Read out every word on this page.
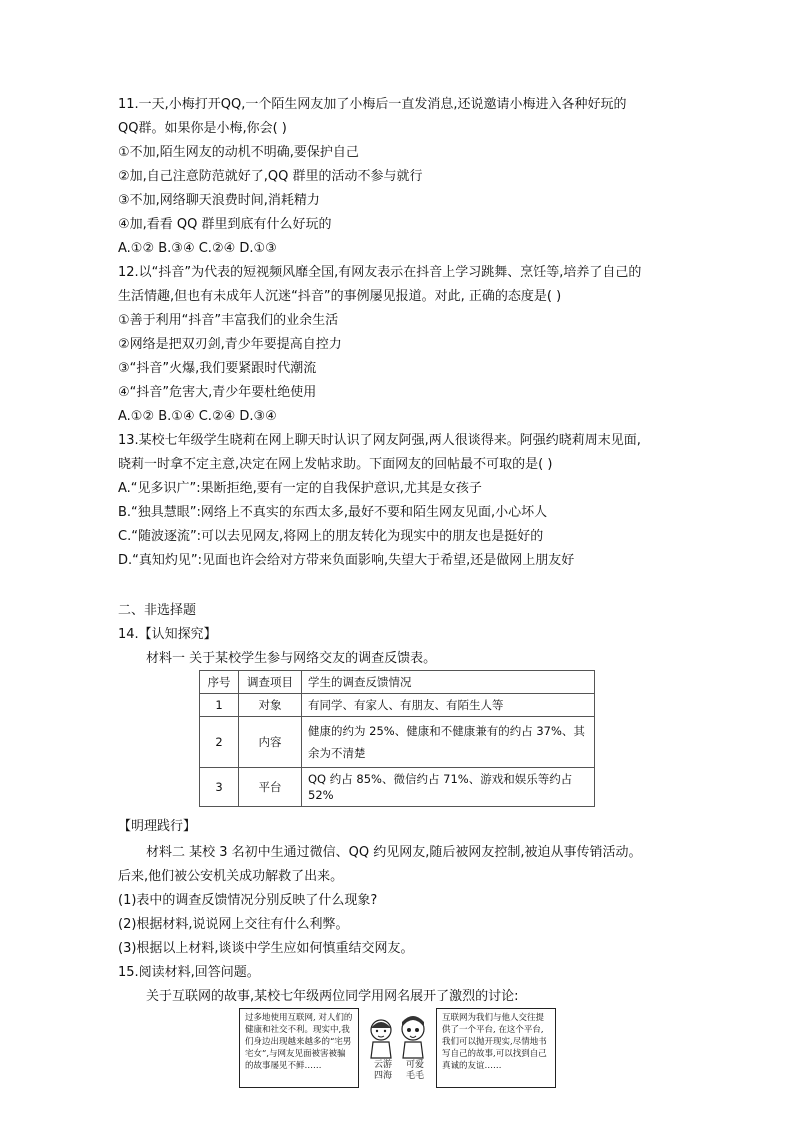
11.一天,小梅打开QQ,一个陌生网友加了小梅后一直发消息,还说邀请小梅进入各种好玩的
QQ群。如果你是小梅,你会( )
①不加,陌生网友的动机不明确,要保护自己
②加,自己注意防范就好了,QQ 群里的活动不参与就行
③不加,网络聊天浪费时间,消耗精力
④加,看看 QQ 群里到底有什么好玩的
A.①② B.③④ C.②④ D.①③
12.以“抖音”为代表的短视频风靡全国,有网友表示在抖音上学习跳舞、烹饪等,培养了自己的
生活情趣,但也有未成年人沉迷“抖音”的事例屡见报道。对此, 正确的态度是( )
①善于利用“抖音”丰富我们的业余生活
②网络是把双刃剑,青少年要提高自控力
③“抖音”火爆,我们要紧跟时代潮流
④“抖音”危害大,青少年要杜绝使用
A.①② B.①④ C.②④ D.③④
13.某校七年级学生晓莉在网上聊天时认识了网友阿强,两人很谈得来。阿强约晓莉周末见面,
晓莉一时拿不定主意,决定在网上发帖求助。下面网友的回帖最不可取的是( )
A.“见多识广”:果断拒绝,要有一定的自我保护意识,尤其是女孩子
B.“独具慧眼”:网络上不真实的东西太多,最好不要和陌生网友见面,小心坏人
C.“随波逐流”:可以去见网友,将网上的朋友转化为现实中的朋友也是挺好的
D.“真知灼见”:见面也许会给对方带来负面影响,失望大于希望,还是做网上朋友好
二、非选择题
14.【认知探究】
材料一 关于某校学生参与网络交友的调查反馈表。
序号	调查项目	学生的调查反馈情况
1	对象	有同学、有家人、有朋友、有陌生人等
2	内容	健康的约为 25%、健康和不健康兼有的约占 37%、其余为不清楚
3	平台	QQ 约占 85%、微信约占 71%、游戏和娱乐等约占 52%
【明理践行】
材料二 某校 3 名初中生通过微信、QQ 约见网友,随后被网友控制,被迫从事传销活动。
后来,他们被公安机关成功解救了出来。
(1)表中的调查反馈情况分别反映了什么现象?
(2)根据材料,说说网上交往有什么利弊。
(3)根据以上材料,谈谈中学生应如何慎重结交网友。
15.阅读材料,回答问题。
关于互联网的故事,某校七年级两位同学用网名展开了激烈的讨论:
过多地使用互联网, 对人们的健康和社交不利。现实中,我们身边出现越来越多的“宅男宅女”,与网友见面被害被骗的故事屡见不鲜……
互联网为我们与他人交往提供了一个平台, 在这个平台,我们可以抛开现实,尽情地书写自己的故事,可以找到自己真诚的友谊……
云游四海
可爱毛毛
